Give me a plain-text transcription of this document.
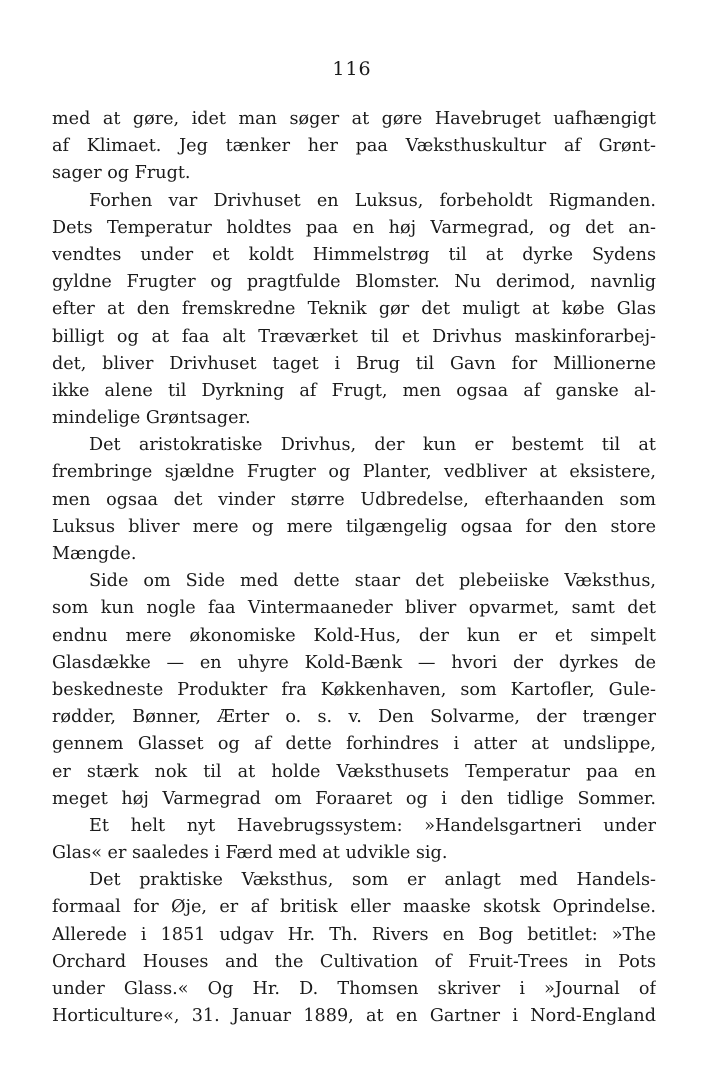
116
med at gøre, idet man søger at gøre Havebruget uafhængigt
af Klimaet. Jeg tænker her paa Væksthuskultur af Grønt-
sager og Frugt.
Forhen var Drivhuset en Luksus, forbeholdt Rigmanden.
Dets Temperatur holdtes paa en høj Varmegrad, og det an-
vendtes under et koldt Himmelstrøg til at dyrke Sydens
gyldne Frugter og pragtfulde Blomster. Nu derimod, navnlig
efter at den fremskredne Teknik gør det muligt at købe Glas
billigt og at faa alt Træværket til et Drivhus maskinforarbej-
det, bliver Drivhuset taget i Brug til Gavn for Millionerne
ikke alene til Dyrkning af Frugt, men ogsaa af ganske al-
mindelige Grøntsager.
Det aristokratiske Drivhus, der kun er bestemt til at
frembringe sjældne Frugter og Planter, vedbliver at eksistere,
men ogsaa det vinder større Udbredelse, efterhaanden som
Luksus bliver mere og mere tilgængelig ogsaa for den store
Mængde.
Side om Side med dette staar det plebeiiske Væksthus,
som kun nogle faa Vintermaaneder bliver opvarmet, samt det
endnu mere økonomiske Kold-Hus, der kun er et simpelt
Glasdække — en uhyre Kold-Bænk — hvori der dyrkes de
beskedneste Produkter fra Køkkenhaven, som Kartofler, Gule-
rødder, Bønner, Ærter o. s. v. Den Solvarme, der trænger
gennem Glasset og af dette forhindres i atter at undslippe,
er stærk nok til at holde Væksthusets Temperatur paa en
meget høj Varmegrad om Foraaret og i den tidlige Sommer.
Et helt nyt Havebrugssystem: »Handelsgartneri under
Glas« er saaledes i Færd med at udvikle sig.
Det praktiske Væksthus, som er anlagt med Handels-
formaal for Øje, er af britisk eller maaske skotsk Oprindelse.
Allerede i 1851 udgav Hr. Th. Rivers en Bog betitlet: »The
Orchard Houses and the Cultivation of Fruit-Trees in Pots
under Glass.« Og Hr. D. Thomsen skriver i »Journal of
Horticulture«, 31. Januar 1889, at en Gartner i Nord-England
